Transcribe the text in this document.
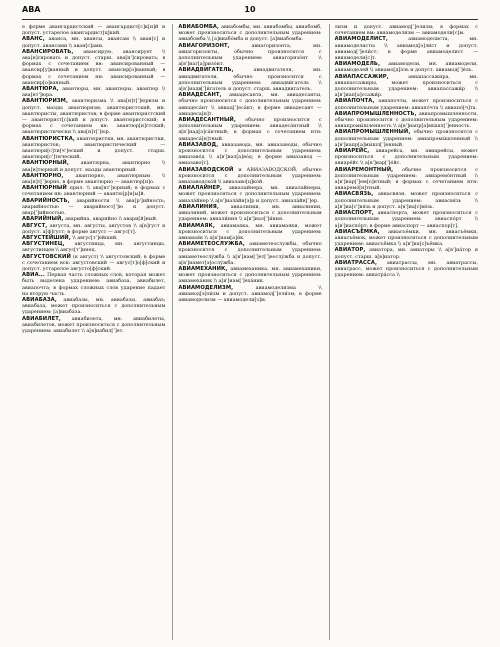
АВА	10

е форме авангардистский — авангардист[с]к[и]й и допуст. устарелое авангардист[ц]кий.

АВАНС, аванса, мн. авансы, авансам \\ аван[с] и допуст. авансами \\ аван[c]ами.

АВАНСИРОВАТЬ, авансирую, авансирует \\ ава[н]сировать и допуст. старш. ава[н']сировать; в формах с сочетанием вн: авансированный — авансир[у]ванный и допуст. авансир[о]ванный; в формах с сочетанием нн: авансированный — авансир[о]ванный.

АВАНТЮРА, авантюры, мн. авантюры, авантюр \\ ава[нт']юра.

АВАНТЮРИЗМ, авантюризма \\ ава[н]т[ʼ]юризм и допуст. мазды авантюризм; авантюристский, мн. авантюристы, авантюристов; в форме авантюристский — авантюрист[с]кий и допуст. авантюристский; в формах с сочетанием вн: авантюр[и]стский; авантюристически \\ ава[н]т[ʼ]юр.

АВАНТЮРИСТКА, авантюристки, мн. авантюристки, авантюристок; авантюристический — авантюри[с]ти[ч']еский и допуст. старш. авантюри[с']тический.

АВАНТЮРНЫЙ, авантюрна, авантюрно \\ ава[н]тюрный и допуст. мазды авантюрный.

АВАНТЮРНО, авантюрно, авантюрным \\ ава[н]т[ʼ]юрно, в форме авантюрно — авантюр[н]о.

АВАНТЮРНЫЙ прил. \\ ава[нт']юрный; в формах с сочетанием нн: авантюрннй — авантю[р]н[ы]й.

АВАРИЙНОСТЬ, аварийности \\ ава[р']ийность; аварийностью — аварийност[ʼ]ю и допуст. авар[ʼ]ийностью.

АВАРИЙНЫЙ, аварийна, аварийно \\ авари[й]ный.

АВГУСТ, августа, мн. августы, августов \\ а[в]густ и допуст. а[ф]густ; в форме август — авгус[т].

АВГУСТЕЙШИЙ, \\ авгус[т']ейший.

АВГУСТИНЕЦ, августинца, мн. августинцы, августинцев \\ авгус[т']инец.

АВГУСТОВСКИЙ (к август) \\ августовский; в форме с сочетанием вск: августовский — авгус[т]о[ф]ский и допуст. устарелое августо[ф]ский.

АВИА... Первая часть сложных слов, которая может быть выделена ударением: авиабаза, авиабилет, авиапочта; в формах сложных слов ударение падает на вторую часть.

АВИАБАЗА, авиабазы, мн. авиабазы, авиабаз; авиабаза, может произноситься с дополнительным ударением: [а]виаба́за.

АВИАБИЛЕТ, авиабилета, мн. авиабилеты, авиабилетов, может произноситься с дополнительным ударением: авиабилет \\ а[в]иабил[ʼ]ет.

АВИАБОМБА, авиабомбы, мн. авиабомбы, авиабомб, может произноситься с дополнительным ударением: авиабомба \\ [а]виабо́мба и допуст. [а]виабомба.

АВИАГОРИЗОНТ,	авиагоризонта, мн. авиагоризонты, обычно произносится с дополнительным ударением: авиагоризо́нт \\ а[в']иаг[а]ризо́нт.

АВИАДВИГАТЕЛЬ,	авиадвигателя, мн. авиадвигатели, обычно произносится с дополнительным ударением: авиадви́гатель \\ а[в']иадв[ʼ]и́гатель и допуст. старш. авиадвигатель.

АВИАДЕСАНТ, авиадесанта, мн. авиадесанты, обычно произносится с дополнительным ударением: авиадеса́нт \\ авиад[ʼ]еса́нт; в форме авиадесант — авиадеса[н]т.

АВИАДЕСАНТНЫЙ, обычно произносится с дополнительным ударением: авиадеса́нтный \\ а[в']иад[э]са́нтный; в формах с сочетанием нтн: авиадеса́[н]тный.

АВИАЗАВОД, авиазавода, мн. авиазаводы, обычно произносится с дополнительным ударением: авиазаво́д \\ а[в']иаз[а]во́д; в форме авиазавод — авиазаво[т].

АВИАЗАВОДСКОЙ и АВИАЗАВОДСКОЙ, обычно произносится с дополнительным ударением: авиазаводско́й \\ авиазаво[ц]ко́й.

АВИАЛАЙНЕР, авиалайнера, мн. авиалайнеры, может произноситься с дополнительным ударением: авиала́йнер \\ а[в']иала́йн[э]р и допуст. авиала́йн[ʼ]ер.

АВИАЛИНИЯ, авиалинии, мн. авиалинии, авиалиний, может произноситься с дополнительным ударением: авиали́ния \\ а[в']иал[ʼ]и́ния.

АВИАМАЯК, авиамаяка, мн. авиамаяки, может произноситься с дополнительным ударением: авиамая́к \\ а[в']иам[а]я́к.

АВИАМЕТЕОСЛУЖБА, авиаметеослужбы, обычно произносится с дополнительным ударением: авиаметеослу́жба \\ а[в']иам[ʼ]ет[ʼ]еослу́жба и допуст. а[в']иамет[э]ослу́жба.

АВИАМЕХАНИК, авиамеханика, мн. авиамеханики, может произноситься с дополнительным ударением: авиамеха́ник \\ а[в']иам[ʼ]еха́ник.

АВИАМОДЕЛИЗМ,	авиамоделизма \\ авиамод[э]ли́зм и допуст. авиамод[ʼ]ели́зм; в форме авиамоделизм — авиамодели[з]м.

лизм и допуст. авиамод[ʼ]елизм; в формах с сочетанием вм: авиамоделизм — авиамодели[с]м.

АВИАМОДЕЛИСТ,	авиамоделиста, мн. авиамоделисты \\ авиамод[э]ли́ст и допуст. авиамод[ʼ]ели́ст; в форме авиамоделист — авиамодели[с]т.

АВИАМОДЕЛЬ, авиамодели, мн. авиамодели, авиамоделей \\ авиамо[д]э́ль и допуст. авиамод[ʼ]е́ль.

АВИАПАССАЖИР,	авиапассажира, мн. авиапассажиры, может произноситься с дополнительным ударением: авиапассажи́р \\ а[в']иап[а]ссажи́р.

АВИАПОЧТА, авиапочты, может произноситься с дополнительным ударением: авиапо́чта \\ авиапо́[ч]та.

АВИАПРОМЫШЛЕННОСТЬ, авиапромышленности, обычно произносится с дополнительным ударением: авиапромы́шленность \\ а[в']иапр[а]мы́шл[ʼ]енность.

АВИАПРОМЫШЛЕННЫЙ, обычно произносится с дополнительным ударением: авиапромы́шленный \\ а[в']иапр[а]мы́шл[ʼ]енный.

АВИАРЕЙС, авиарейса, мн. авиарейсы, может произноситься с дополнительным ударением: авиаре́йс \\ а[в']иар[ʼ]е́йс.

АВИАРЕМОНТНЫЙ, обычно произносится с дополнительным ударением: авиаремо́нтный \\ а[в']иар[ʼ]ем[о]нтный; в формах с сочетанием нтн: авиаремо́[н]тный.

АВИАСВЯЗЬ, авиасвязи, может произноситься с дополнительным ударением: авиасвя́зь \\ а[в']иа[с']вя́зь и допуст. а[в']иа[с]вя́зь.

АВИАСПОРТ, авиаспорта, может произноситься с дополнительным ударением: авиаспо́рт \\ а[в']иаспо́рт; в форме авиаспорт — авиаспор[т].

АВИАСЪЁМКА, авиасъёмки, мн. авиасъёмки, авиасъёмок, может произноситься с дополнительным ударением: авиасъё́мка \\ а[в']иа[с]ъё́мка.

АВИАТОР, авиатора, мн. авиаторы \\ а[в']иа́тор и допуст. старш. а[в]иатор.

АВИАТРАССА, авиатрассы, мн. авиатрассы, авиатрасс, может произноситься с дополнительным ударением: авиатра́сса \\
